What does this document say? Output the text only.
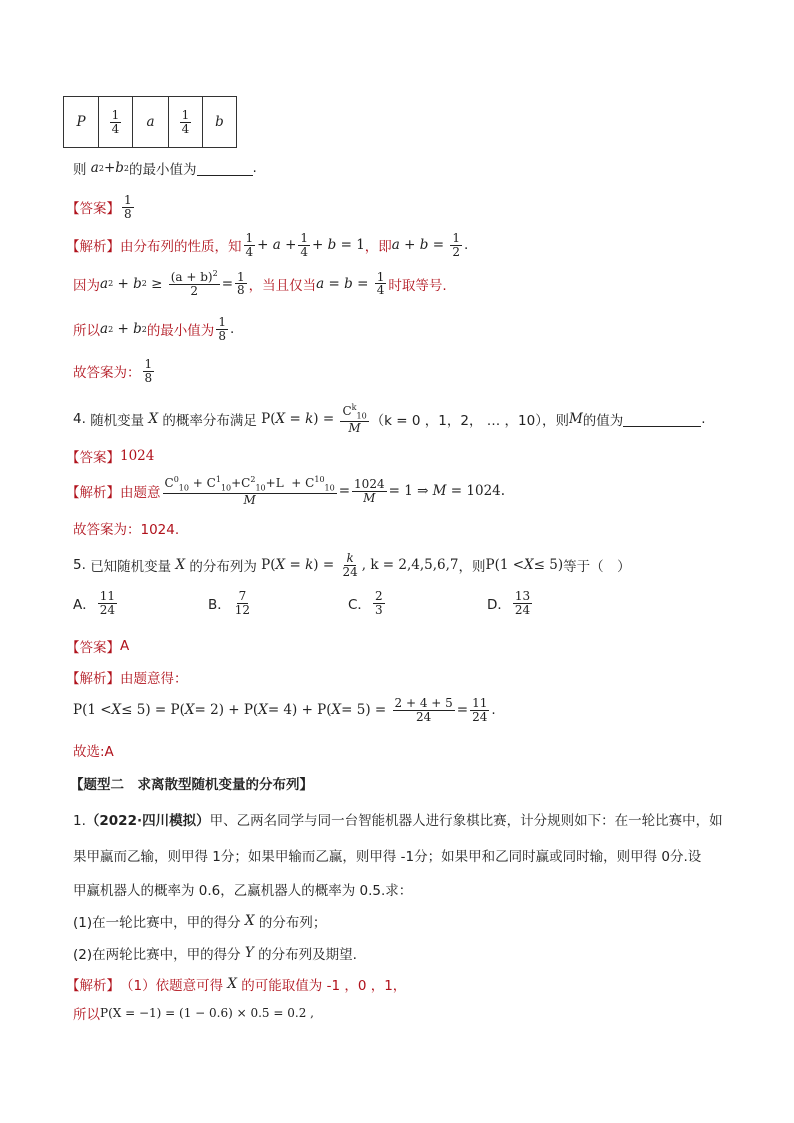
P	$\frac{1}{4}$	a	$\frac{1}{4}$	b
则 a 2 + b 2 的最小值为	.
【答案】 $\frac{1}{8}$
【解析】 由分布列的性质，知 $\frac{1}{4} + a + \frac{1}{4} + b = 1$ ，即 $a + b = \frac{1}{2}$ .
因为 a 2 + b $2 \ge \frac{(a + b)^2}{2} = \frac{1}{8}$ ，当且仅当 $a = b = \frac{1}{4}$ 时取等号.
所以 a 2 + b 2 的最小值为 $\frac{1}{8}$ .
故答案为： $\frac{1}{8}$
4.
随机变量 X 的概率分布满足 P ( X = k ) = $\frac{C^k_{10}}{M} (k = 0$ ，1，2， … ，10），则 M 的值为	.
【答案】 1024
【解析】 由题意 $\frac{C^0_{10} + C^1_{10}+C^2_{10}+L + C^{10}_{10}}{M} = \frac{1024}{M} = 1$ ⇒ M = 1024.
故答案为：1024.
5.
已知随机变量 X 的分布列为 P ( X = k ) = $\frac{k}{24}$ , k = 2,4,5,6,7 ，则 P(1 < X ≤ 5) 等于（　）
A． $\frac{11}{24}$	B． $\frac{7}{12}$	C． $\frac{2}{3}$	D． $\frac{13}{24}$
【答案】 A
【解析】 由题意得：
P(1 < X ≤ 5) = P( X = 2) + P( X = 4) + P( $X = 5) = \frac{2 + 4 + 5}{24} = \frac{11}{24}$ .
故选:A
【题型二　求离散型随机变量的分布列】
1.（2022·四川模拟）甲、乙两名同学与同一台智能机器人进行象棋比赛，计分规则如下：在一轮比赛中，如
果甲赢而乙输，则甲得 1分；如果甲输而乙赢，则甲得 -1分；如果甲和乙同时赢或同时输，则甲得 0分.设
甲赢机器人的概率为 0.6，乙赢机器人的概率为 0.5.求：
(1)在一轮比赛中，甲的得分 X 的分布列；
(2)在两轮比赛中，甲的得分 Y 的分布列及期望.
【解析】 （1）依题意可得 X 的可能取值为 -1 ，0 ，1，
所以 P(X = −1) = (1 − 0.6) × 0.5 = 0.2 ,
